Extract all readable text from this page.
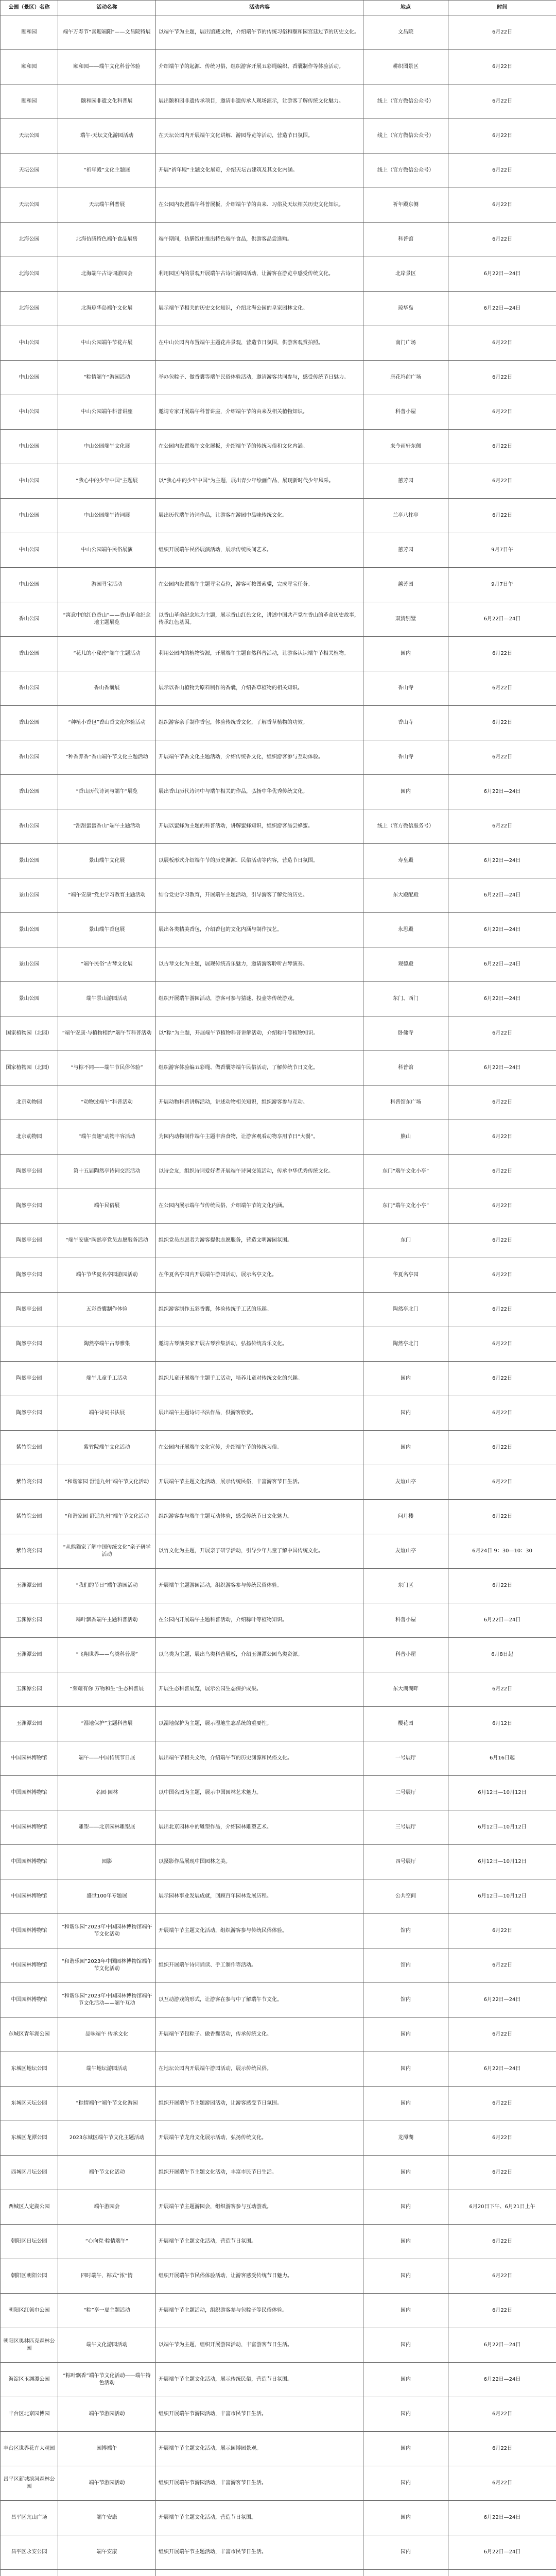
公园（景区）名称	活动名称	活动内容	地点	时间
颐和园	端午万寿节“喜迎端阳”——文昌院特展	以端午节为主题，展出馆藏文物，介绍端午节的传统习俗和颐和园宫廷过节的历史文化。	文昌院	6月22日
颐和园	颐和园——端午文化科普体验	介绍端午节的起源、传统习俗，组织游客开展五彩绳编织、香囊制作等体验活动。	耕织图景区	6月22日
颐和园	颐和园非遗文化科普展	展出颐和园非遗传承项目，邀请非遗传承人现场演示，让游客了解传统文化魅力。	线上（官方微信公众号）	6月22日
天坛公园	端午·天坛文化游园活动	在天坛公园内开展端午文化讲解、游园导览等活动，营造节日氛围。	线上（官方微信公众号）	6月22日
天坛公园	“祈年殿”文化主题展	开展“祈年殿”主题文化展览，介绍天坛古建筑及其文化内涵。	线上（官方微信公众号）	6月22日
天坛公园	天坛端午科普展	在公园内设置端午科普展板，介绍端午节的由来、习俗及天坛相关历史文化知识。	祈年殿东侧	6月22日
北海公园	北海仿膳特色端午食品展售	端午期间，仿膳饭庄推出特色端午食品，供游客品尝选购。	科普馆	6月22日
北海公园	北海端午古诗词游园会	利用园区内的景观开展端午古诗词游园活动，让游客在游览中感受传统文化。	北岸景区	6月22日—24日
北海公园	北海琼华岛端午文化展	展示端午节相关的历史文化知识，介绍北海公园的皇家园林文化。	琼华岛	6月22日—24日
中山公园	中山公园端午节花卉展	在中山公园内布置端午主题花卉景观，营造节日氛围，供游客观赏拍照。	南门广场	6月22日
中山公园	“粽情端午”游园活动	举办包粽子、做香囊等端午民俗体验活动，邀请游客共同参与，感受传统节日魅力。	唐花坞前广场	6月22日
中山公园	中山公园端午科普讲座	邀请专家开展端午科普讲座，介绍端午节的由来及相关植物知识。	科普小屋	6月22日
中山公园	中山公园端午文化展	在公园内设置端午文化展板，介绍端午节的传统习俗和文化内涵。	来今雨轩东侧	6月22日
中山公园	“我心中的少年中国”主题展	以“我心中的少年中国”为主题，展出青少年绘画作品，展现新时代少年风采。	蕙芳园	6月22日
中山公园	中山公园端午诗词展	展出历代端午诗词作品，让游客在游园中品味传统文化。	兰亭八柱亭	6月22日
中山公园	中山公园端午民俗展演	组织开展端午民俗展演活动，展示传统民间艺术。	蕙芳园	9月7日午
中山公园	游园寻宝活动	在公园内设置端午主题寻宝点位，游客可按图索骥，完成寻宝任务。	蕙芳园	9月7日午
香山公园	“寓意中的红色香山”——香山革命纪念地主题展览	以香山革命纪念地为主题，展示香山红色文化，讲述中国共产党在香山的革命历史故事，传承红色基因。	双清别墅	6月22日—24日
香山公园	“花儿的小秘密”端午主题活动	利用公园内的植物资源，开展端午主题自然科普活动，让游客认识端午节相关植物。	园内	6月22日
香山公园	香山香囊展	展示以香山植物为原料制作的香囊，介绍香草植物的相关知识。	香山寺	6月22日
香山公园	“种植小香包”香山香文化体验活动	组织游客亲手制作香包，体验传统香文化，了解香草植物的功效。	香山寺	6月22日
香山公园	“种香养香”香山端午节文化主题活动	开展端午节香文化主题活动，介绍传统香文化，组织游客参与互动体验。	香山寺	6月22日
香山公园	“香山历代诗词与端午”展览	展出香山历代诗词中与端午相关的作品，弘扬中华优秀传统文化。	园内	6月22日—24日
香山公园	“甜甜蜜蜜香山”端午主题活动	开展以蜜蜂为主题的科普活动，讲解蜜蜂知识，组织游客品尝蜂蜜。	线上（官方微信服务号）	6月22日
景山公园	景山端午文化展	以展板形式介绍端午节的历史渊源、民俗活动等内容，营造节日氛围。	寿皇殿	6月22日—24日
景山公园	“端午安康”党史学习教育主题活动	结合党史学习教育，开展端午主题活动，引导游客了解党的历史。	东大殿配殿	6月22日—24日
景山公园	景山端午香包展	展出各类精美香包，介绍香包的文化内涵与制作技艺。	永思殿	6月22日—24日
景山公园	“端午民俗”古琴文化展	以古琴文化为主题，展现传统音乐魅力，邀请游客聆听古琴演奏。	观德殿	6月22日—24日
景山公园	端午景山游园活动	组织开展端午游园活动，游客可参与猜谜、投壶等传统游戏。	东门、西门	6月22日—24日
国家植物园（北园）	“端午安康·与植物相约”端午节科普活动	以“粽”为主题，开展端午节植物科普讲解活动，介绍粽叶等植物知识。	卧佛寺	6月22日
国家植物园（北园）	“与粽不同——端午节民俗体验”	组织游客体验编五彩绳、做香囊等端午民俗活动，了解传统节日文化。	科普馆	6月22日—24日
北京动物园	“动物过端午”科普活动	开展动物科普讲解活动，讲述动物相关知识，组织游客参与互动。	科普馆东广场	6月22日
北京动物园	“端午食趣”动物丰容活动	为园内动物制作端午主题丰容食物，让游客观看动物享用节日“大餐”。	熊山	6月22日
陶然亭公园	第十五届陶然亭诗词交流活动	以诗会友，组织诗词爱好者开展端午诗词交流活动，传承中华优秀传统文化。	东门“端午文化小亭”	6月22日
陶然亭公园	端午民俗展	在公园内展示端午节传统民俗，介绍端午节的文化内涵。	东门“端午文化小亭”	6月22日
陶然亭公园	“端午安康”陶然亭党员志愿服务活动	组织党员志愿者为游客提供志愿服务，营造文明游园氛围。	东门	6月22日
陶然亭公园	端午节华夏名亭园游园活动	在华夏名亭园内开展端午游园活动，展示名亭文化。	华夏名亭园	6月22日
陶然亭公园	五彩香囊制作体验	组织游客制作五彩香囊，体验传统手工艺的乐趣。	陶然亭北门	6月22日
陶然亭公园	陶然亭端午古琴雅集	邀请古琴演奏家开展古琴雅集活动，弘扬传统音乐文化。	陶然亭北门	6月22日
陶然亭公园	端午儿童手工活动	组织儿童开展端午主题手工活动，培养儿童对传统文化的兴趣。	园内	6月22日
陶然亭公园	端午诗词书法展	展出端午主题诗词书法作品，供游客欣赏。	园内	6月22日
紫竹院公园	紫竹院端午文化活动	在公园内开展端午文化宣传，介绍端午节的传统习俗。	园内	6月22日
紫竹院公园	“和谐家园 舒适九州”端午节文化活动	开展端午节主题文化活动，展示传统民俗，丰富游客节日生活。	友谊山亭	6月22日
紫竹院公园	“和谐家园 舒适九州”端午节文化活动	组织游客参与端午主题互动体验，感受传统节日文化魅力。	问月楼	6月22日
紫竹院公园	“从熊猫家了解中国传统文化”亲子研学活动	以竹文化为主题，开展亲子研学活动，引导少年儿童了解中国传统文化。	友谊山亭	6月24日 9：30—10：30
玉渊潭公园	“我们的节日”端午游园活动	开展端午主题游园活动，组织游客参与传统民俗体验。	东门区	6月22日
玉渊潭公园	粽叶飘香端午主题科普活动	在公园内开展端午主题科普活动，介绍粽叶等植物知识。	科普小屋	6月22日—24日
玉渊潭公园	“飞翔世界——鸟类科普展”	以鸟类为主题，展出鸟类科普展板，介绍玉渊潭公园鸟类资源。	科普小屋	6月8日起
玉渊潭公园	“荣耀有你 万物和生”生态科普展	开展生态科普展览，展示公园生态保护成果。	东大湖湖畔	6月22日
玉渊潭公园	“湿地保护”主题科普展	以湿地保护为主题，展示湿地生态系统的重要性。	樱花园	6月12日
中国园林博物馆	端午——中国传统节日展	展出端午节相关文物，介绍端午节的历史渊源和民俗文化。	一号展厅	6月16日起
中国园林博物馆	名园·园林	以中国名园为主题，展示中国园林艺术魅力。	二号展厅	6月12日—10月12日
中国园林博物馆	雕塑——北京园林雕塑展	展出北京园林中的雕塑作品，介绍园林雕塑艺术。	三号展厅	6月12日—10月12日
中国园林博物馆	园影	以摄影作品展现中国园林之美。	四号展厅	6月12日—10月12日
中国园林博物馆	盛世100年专题展	展示园林事业发展成就，回顾百年园林发展历程。	公共空间	6月12日—10月12日
中国园林博物馆	“和谐乐园”2023年中国园林博物馆端午节文化活动	开展端午节主题文化活动，组织游客参与传统民俗体验。	馆内	6月22日
中国园林博物馆	“和谐乐园”2023年中国园林博物馆端午节文化活动	组织开展端午诗词诵读、手工制作等活动。	馆内	6月22日
中国园林博物馆	“和谐乐园”2023年中国园林博物馆端午节文化活动——端午互动	以互动游戏的形式，让游客在参与中了解端午节文化。	馆内	6月22日—24日
东城区青年湖公园	品味端午 传承文化	开展端午节包粽子、做香囊活动，传承传统文化。	园内	6月22日
东城区地坛公园	端午地坛游园活动	在地坛公园内开展端午游园活动，展示传统民俗。	园内	6月22日—24日
东城区天坛公园	“粽情端午”端午节文化游园	组织开展端午节主题游园活动，让游客感受节日氛围。	园内	6月22日
东城区龙潭公园	2023东城区端午节文化主题活动	开展端午节龙舟文化展示活动，弘扬传统文化。	龙潭湖	6月22日
西城区月坛公园	端午节文化活动	组织开展端午节主题文化活动，丰富市民节日生活。	园内	6月22日
西城区人定湖公园	端午游园会	开展端午节主题游园会，组织游客参与互动游戏。	园内	6月20日下午、6月21日上午
朝阳区日坛公园	“心向党·粽情端午”	开展端午节主题文化活动，营造节日氛围。	园内	6月22日
朝阳区朝阳公园	四时端午，粽式“浓”情	组织开展端午节民俗体验活动，让游客感受传统节日魅力。	园内	6月22日
朝阳区红领巾公园	“粽”享一夏主题活动	开展端午节主题活动，组织游客参与包粽子等民俗体验。	园内	6月22日
朝阳区奥林匹克森林公园	端午文化游园活动	以端午节为主题，组织开展游园活动，丰富游客节日生活。	园内	6月22日—24日
海淀区玉渊潭公园	“粽叶飘香”端午节文化活动——端午特色活动	开展端午节主题文化活动，展示传统民俗，营造节日氛围。	园内	6月22日—24日
丰台区北京园博园	端午节游园活动	组织开展端午节游园活动，丰富市民节日生活。	园内	6月22日
丰台区世界花卉大观园	园博端午	开展端午节主题文化活动，展示园博园景观。	园内	6月22日
昌平区新城滨河森林公园	端午节游园活动	组织开展端午节游园活动，丰富游客节日生活。	园内	6月22日
昌平区亢山广场	端午安康	开展端午节主题文化活动，营造节日氛围。	园内	6月22日—24日
昌平区永安公园	端午安康	组织开展端午节主题活动，丰富市民节日生活。	园内	6月22日—24日
